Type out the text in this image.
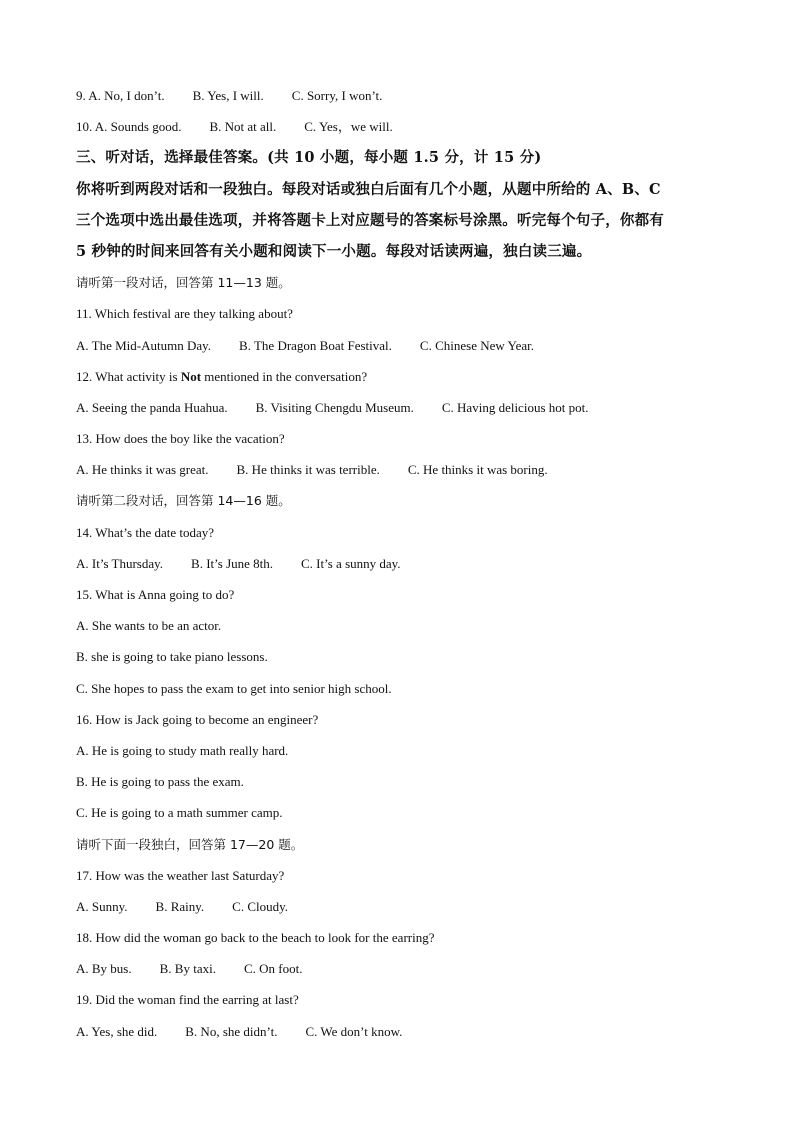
9. A. No, I don’t. B. Yes, I will. C. Sorry, I won’t.
10. A. Sounds good. B. Not at all. C. Yes，we will.
三、听对话，选择最佳答案。(共 10 小题，每小题 1.5 分，计 15 分)
你将听到两段对话和一段独白。每段对话或独白后面有几个小题，从题中所给的 A、B、C
三个选项中选出最佳选项，并将答题卡上对应题号的答案标号涂黑。听完每个句子，你都有
5 秒钟的时间来回答有关小题和阅读下一小题。每段对话读两遍，独白读三遍。
请听第一段对话，回答第 11—13 题。
11. Which festival are they talking about?
A. The Mid-Autumn Day. B. The Dragon Boat Festival. C. Chinese New Year.
12. What activity is Not mentioned in the conversation?
A. Seeing the panda Huahua. B. Visiting Chengdu Museum. C. Having delicious hot pot.
13. How does the boy like the vacation?
A. He thinks it was great. B. He thinks it was terrible. C. He thinks it was boring.
请听第二段对话，回答第 14—16 题。
14. What’s the date today?
A. It’s Thursday. B. It’s June 8th. C. It’s a sunny day.
15. What is Anna going to do?
A. She wants to be an actor.
B. she is going to take piano lessons.
C. She hopes to pass the exam to get into senior high school.
16. How is Jack going to become an engineer?
A. He is going to study math really hard.
B. He is going to pass the exam.
C. He is going to a math summer camp.
请听下面一段独白，回答第 17—20 题。
17. How was the weather last Saturday?
A. Sunny. B. Rainy. C. Cloudy.
18. How did the woman go back to the beach to look for the earring?
A. By bus. B. By taxi. C. On foot.
19. Did the woman find the earring at last?
A. Yes, she did. B. No, she didn’t. C. We don’t know.
